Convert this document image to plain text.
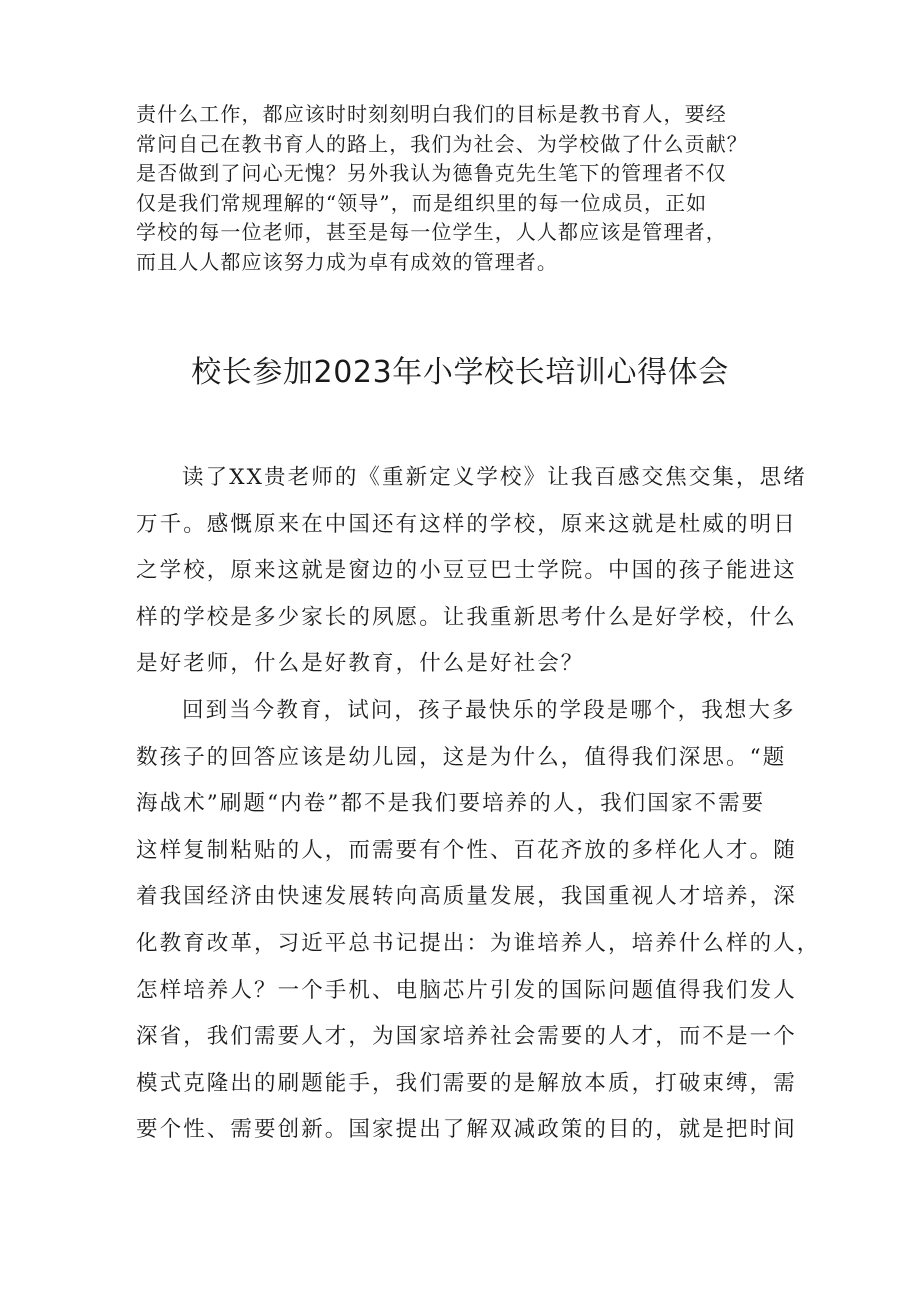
责什么工作，都应该时时刻刻明白我们的目标是教书育人，要经
常问自己在教书育人的路上，我们为社会、为学校做了什么贡献？
是否做到了问心无愧？另外我认为德鲁克先生笔下的管理者不仅
仅是我们常规理解的“领导”，而是组织里的每一位成员，正如
学校的每一位老师，甚至是每一位学生，人人都应该是管理者，
而且人人都应该努力成为卓有成效的管理者。
校长参加2023年小学校长培训心得体会
读了XX贵老师的《重新定义学校》让我百感交焦交集，思绪
万千。感慨原来在中国还有这样的学校，原来这就是杜威的明日
之学校，原来这就是窗边的小豆豆巴士学院。中国的孩子能进这
样的学校是多少家长的夙愿。让我重新思考什么是好学校，什么
是好老师，什么是好教育，什么是好社会？
回到当今教育，试问，孩子最快乐的学段是哪个，我想大多
数孩子的回答应该是幼儿园，这是为什么，值得我们深思。“题
海战术”刷题“内卷”都不是我们要培养的人，我们国家不需要
这样复制粘贴的人，而需要有个性、百花齐放的多样化人才。随
着我国经济由快速发展转向高质量发展，我国重视人才培养，深
化教育改革，习近平总书记提出：为谁培养人，培养什么样的人，
怎样培养人？一个手机、电脑芯片引发的国际问题值得我们发人
深省，我们需要人才，为国家培养社会需要的人才，而不是一个
模式克隆出的刷题能手，我们需要的是解放本质，打破束缚，需
要个性、需要创新。国家提出了解双减政策的目的，就是把时间
